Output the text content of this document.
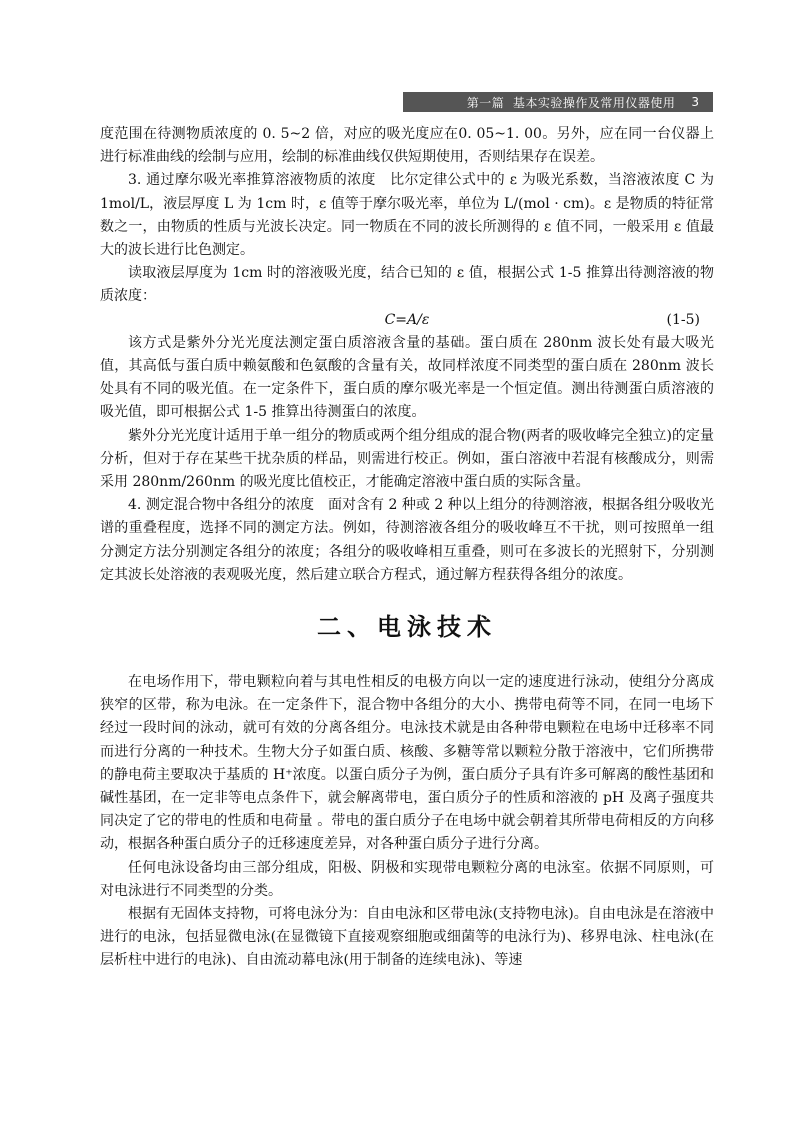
第一篇 基本实验操作及常用仪器使用 3

度范围在待测物质浓度的 0. 5~2 倍，对应的吸光度应在0. 05~1. 00。另外，应在同一台仪器上进行标准曲线的绘制与应用，绘制的标准曲线仅供短期使用，否则结果存在误差。

3. 通过摩尔吸光率推算溶液物质的浓度　比尔定律公式中的 ε 为吸光系数，当溶液浓度 C 为 1mol/L，液层厚度 L 为 1cm 时，ε 值等于摩尔吸光率，单位为 L/(mol · cm)。ε 是物质的特征常数之一，由物质的性质与光波长决定。同一物质在不同的波长所测得的 ε 值不同，一般采用 ε 值最大的波长进行比色测定。

读取液层厚度为 1cm 时的溶液吸光度，结合已知的 ε 值，根据公式 1-5 推算出待测溶液的物质浓度：

C=A/ε	(1-5)

该方式是紫外分光光度法测定蛋白质溶液含量的基础。蛋白质在 280nm 波长处有最大吸光值，其高低与蛋白质中赖氨酸和色氨酸的含量有关，故同样浓度不同类型的蛋白质在 280nm 波长处具有不同的吸光值。在一定条件下，蛋白质的摩尔吸光率是一个恒定值。测出待测蛋白质溶液的吸光值，即可根据公式 1-5 推算出待测蛋白的浓度。

紫外分光光度计适用于单一组分的物质或两个组分组成的混合物(两者的吸收峰完全独立)的定量分析，但对于存在某些干扰杂质的样品，则需进行校正。例如，蛋白溶液中若混有核酸成分，则需采用 280nm/260nm 的吸光度比值校正，才能确定溶液中蛋白质的实际含量。

4. 测定混合物中各组分的浓度　面对含有 2 种或 2 种以上组分的待测溶液，根据各组分吸收光谱的重叠程度，选择不同的测定方法。例如，待测溶液各组分的吸收峰互不干扰，则可按照单一组分测定方法分别测定各组分的浓度；各组分的吸收峰相互重叠，则可在多波长的光照射下，分别测定其波长处溶液的表观吸光度，然后建立联合方程式，通过解方程获得各组分的浓度。

二、电泳技术

在电场作用下，带电颗粒向着与其电性相反的电极方向以一定的速度进行泳动，使组分分离成狭窄的区带，称为电泳。在一定条件下，混合物中各组分的大小、携带电荷等不同，在同一电场下经过一段时间的泳动，就可有效的分离各组分。电泳技术就是由各种带电颗粒在电场中迁移率不同而进行分离的一种技术。生物大分子如蛋白质、核酸、多糖等常以颗粒分散于溶液中，它们所携带的静电荷主要取决于基质的 H⁺浓度。以蛋白质分子为例，蛋白质分子具有许多可解离的酸性基团和碱性基团，在一定非等电点条件下，就会解离带电，蛋白质分子的性质和溶液的 pH 及离子强度共同决定了它的带电的性质和电荷量 。带电的蛋白质分子在电场中就会朝着其所带电荷相反的方向移动，根据各种蛋白质分子的迁移速度差异，对各种蛋白质分子进行分离。

任何电泳设备均由三部分组成，阳极、阴极和实现带电颗粒分离的电泳室。依据不同原则，可对电泳进行不同类型的分类。

根据有无固体支持物，可将电泳分为：自由电泳和区带电泳(支持物电泳)。自由电泳是在溶液中进行的电泳，包括显微电泳(在显微镜下直接观察细胞或细菌等的电泳行为)、移界电泳、柱电泳(在层析柱中进行的电泳)、自由流动幕电泳(用于制备的连续电泳)、等速
